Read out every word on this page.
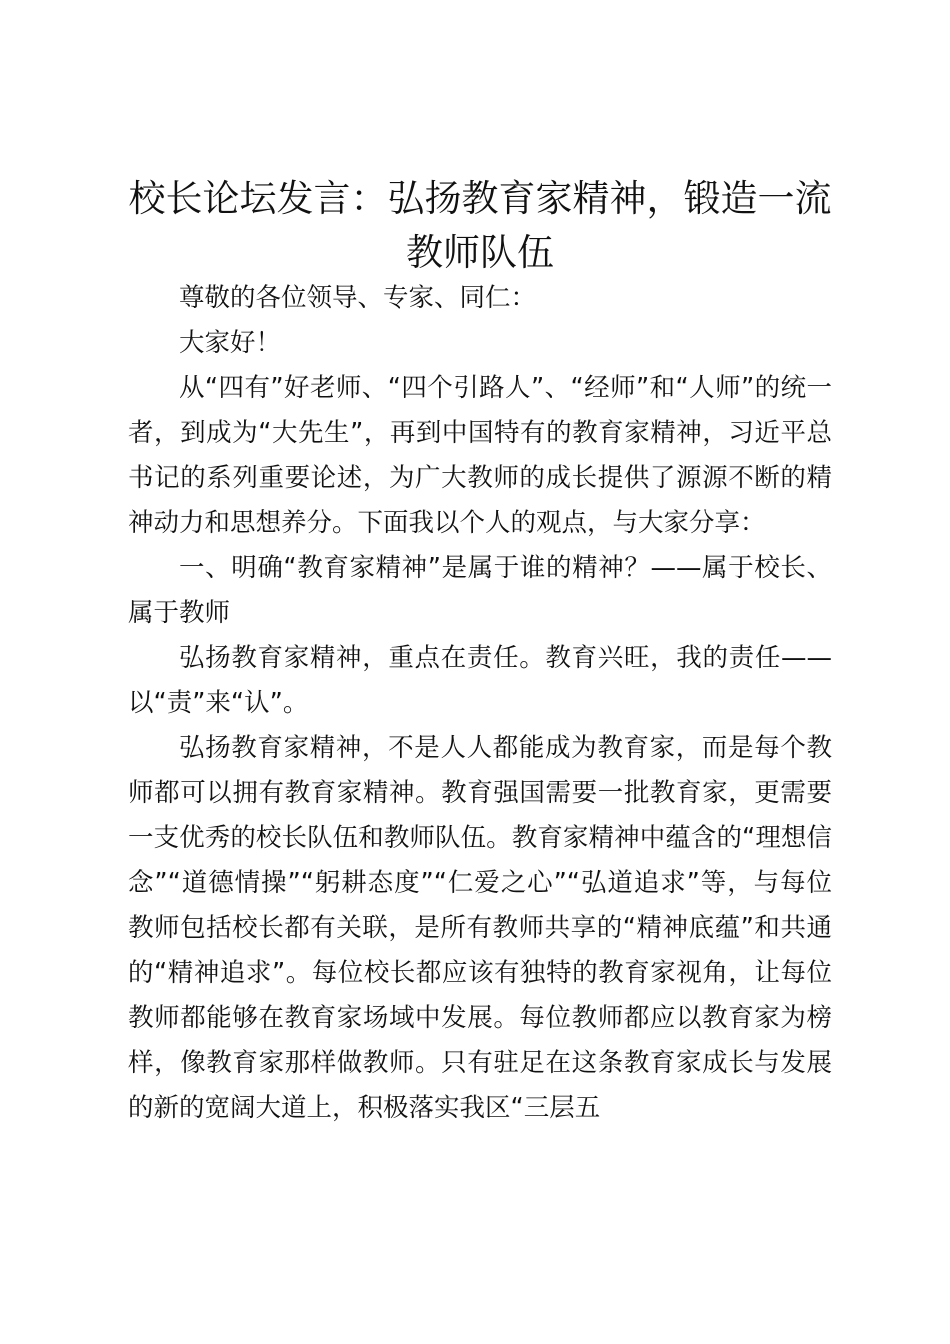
校长论坛发言：弘扬教育家精神，锻造一流教师队伍

尊敬的各位领导、专家、同仁：

大家好！

从“四有”好老师、“四个引路人”、“经师”和“人师”的统一者，到成为“大先生”，再到中国特有的教育家精神，习近平总书记的系列重要论述，为广大教师的成长提供了源源不断的精神动力和思想养分。下面我以个人的观点，与大家分享：

一、明确“教育家精神”是属于谁的精神？——属于校长、属于教师

弘扬教育家精神，重点在责任。教育兴旺，我的责任——以“责”来“认”。

弘扬教育家精神，不是人人都能成为教育家，而是每个教师都可以拥有教育家精神。教育强国需要一批教育家，更需要一支优秀的校长队伍和教师队伍。教育家精神中蕴含的“理想信念”“道德情操”“躬耕态度”“仁爱之心”“弘道追求”等，与每位教师包括校长都有关联，是所有教师共享的“精神底蕴”和共通的“精神追求”。每位校长都应该有独特的教育家视角，让每位教师都能够在教育家场域中发展。每位教师都应以教育家为榜样，像教育家那样做教师。只有驻足在这条教育家成长与发展的新的宽阔大道上，积极落实我区“三层五
